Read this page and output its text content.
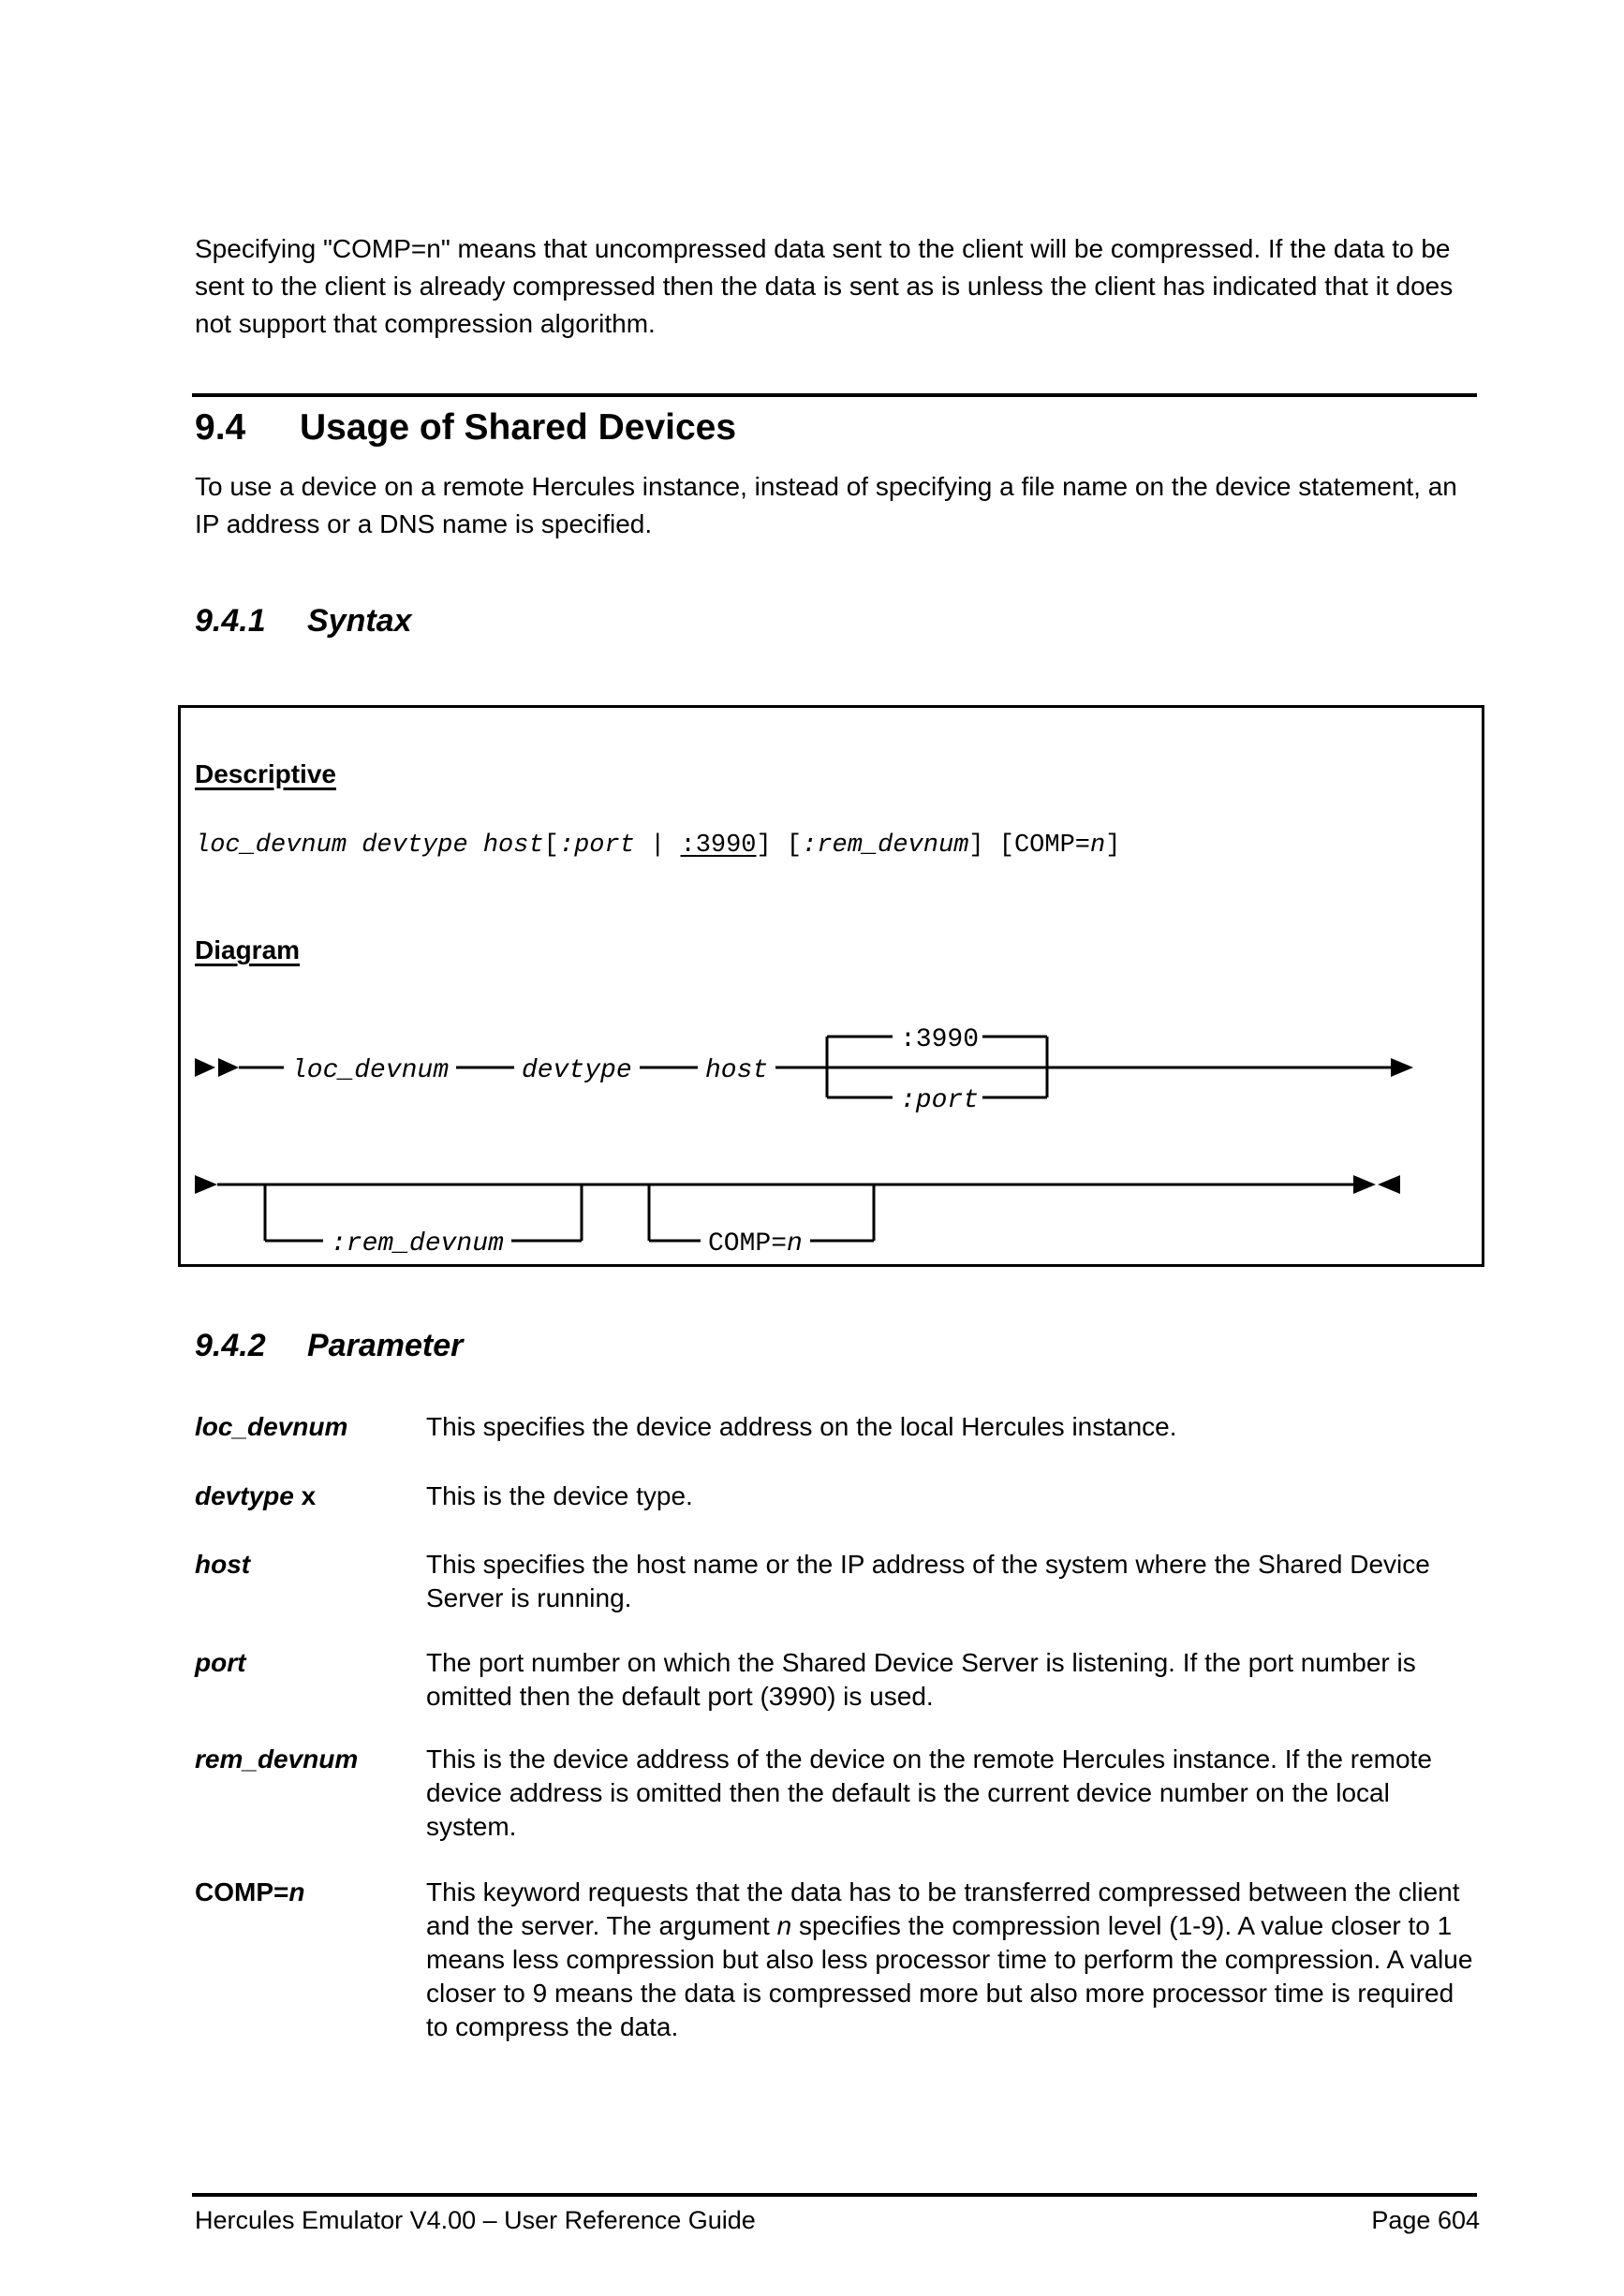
Specifying "COMP=n" means that uncompressed data sent to the client will be compressed. If the data to be sent to the client is already compressed then the data is sent as is unless the client has indicated that it does not support that compression algorithm.

9.4 Usage of Shared Devices

To use a device on a remote Hercules instance, instead of specifying a file name on the device statement, an IP address or a DNS name is specified.

9.4.1 Syntax
Descriptive
loc_devnum devtype host[:port | :3990] [:rem_devnum] [COMP=n]
Diagram
loc_devnum	devtype	host
:3990
:port
:rem_devnum	COMP=n
9.4.2 Parameter
loc_devnum	This specifies the device address on the local Hercules instance.
devtype x	This is the device type.
host	This specifies the host name or the IP address of the system where the Shared Device Server is running.
port	The port number on which the Shared Device Server is listening. If the port number is omitted then the default port (3990) is used.
rem_devnum	This is the device address of the device on the remote Hercules instance. If the remote device address is omitted then the default is the current device number on the local system.
COMP=n	This keyword requests that the data has to be transferred compressed between the client and the server. The argument n specifies the compression level (1-9). A value closer to 1 means less compression but also less processor time to perform the compression. A value closer to 9 means the data is compressed more but also more processor time is required to compress the data.
Hercules Emulator V4.00 – User Reference Guide	Page 604
